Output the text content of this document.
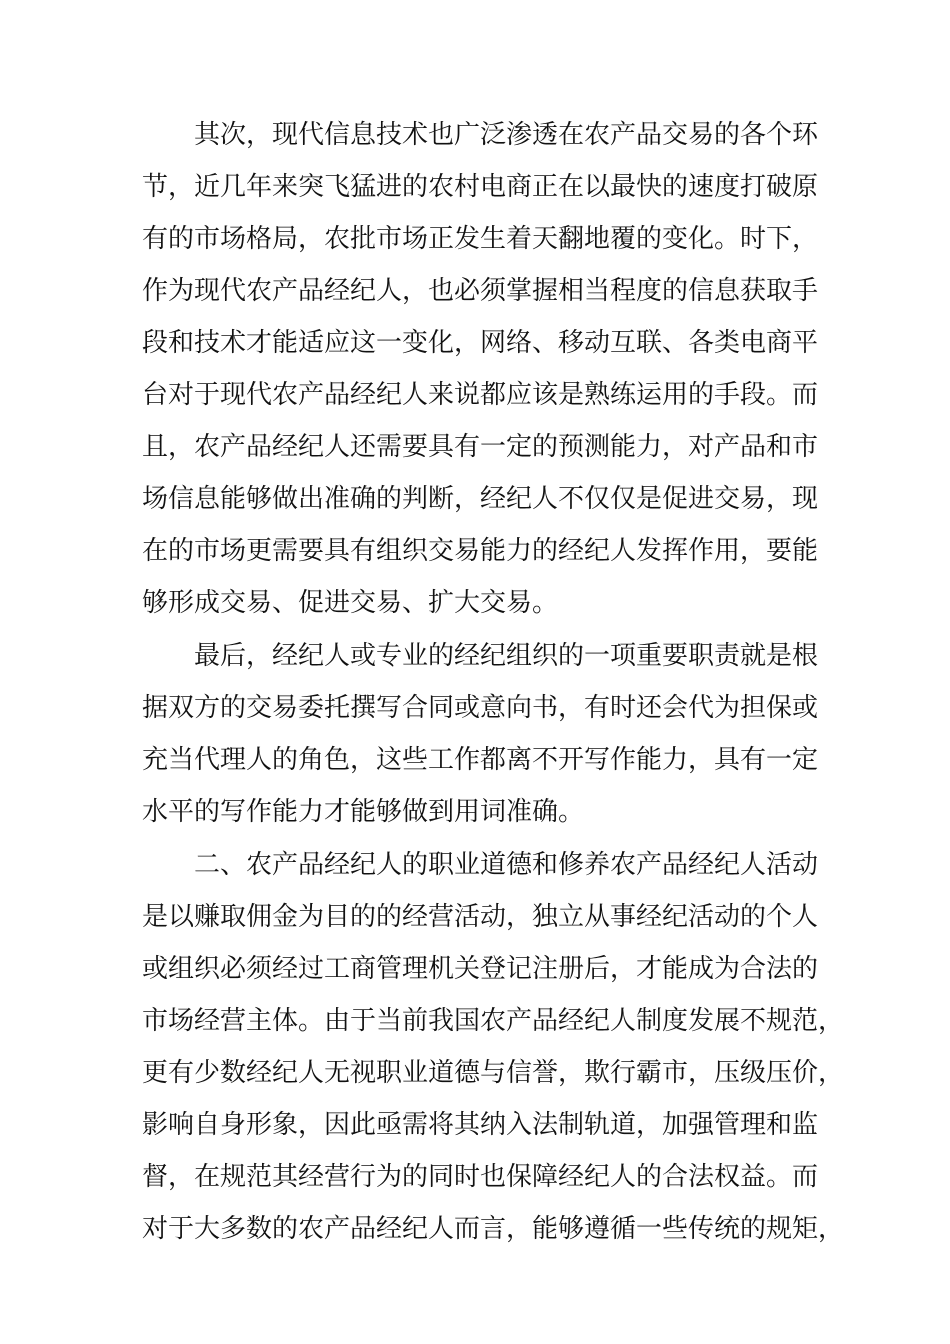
其次，现代信息技术也广泛渗透在农产品交易的各个环
节，近几年来突飞猛进的农村电商正在以最快的速度打破原
有的市场格局，农批市场正发生着天翻地覆的变化。时下，
作为现代农产品经纪人，也必须掌握相当程度的信息获取手
段和技术才能适应这一变化，网络、移动互联、各类电商平
台对于现代农产品经纪人来说都应该是熟练运用的手段。而
且，农产品经纪人还需要具有一定的预测能力，对产品和市
场信息能够做出准确的判断，经纪人不仅仅是促进交易，现
在的市场更需要具有组织交易能力的经纪人发挥作用，要能
够形成交易、促进交易、扩大交易。
最后，经纪人或专业的经纪组织的一项重要职责就是根
据双方的交易委托撰写合同或意向书，有时还会代为担保或
充当代理人的角色，这些工作都离不开写作能力，具有一定
水平的写作能力才能够做到用词准确。
二、农产品经纪人的职业道德和修养农产品经纪人活动
是以赚取佣金为目的的经营活动，独立从事经纪活动的个人
或组织必须经过工商管理机关登记注册后，才能成为合法的
市场经营主体。由于当前我国农产品经纪人制度发展不规范，
更有少数经纪人无视职业道德与信誉，欺行霸市，压级压价，
影响自身形象，因此亟需将其纳入法制轨道，加强管理和监
督，在规范其经营行为的同时也保障经纪人的合法权益。而
对于大多数的农产品经纪人而言，能够遵循一些传统的规矩，
